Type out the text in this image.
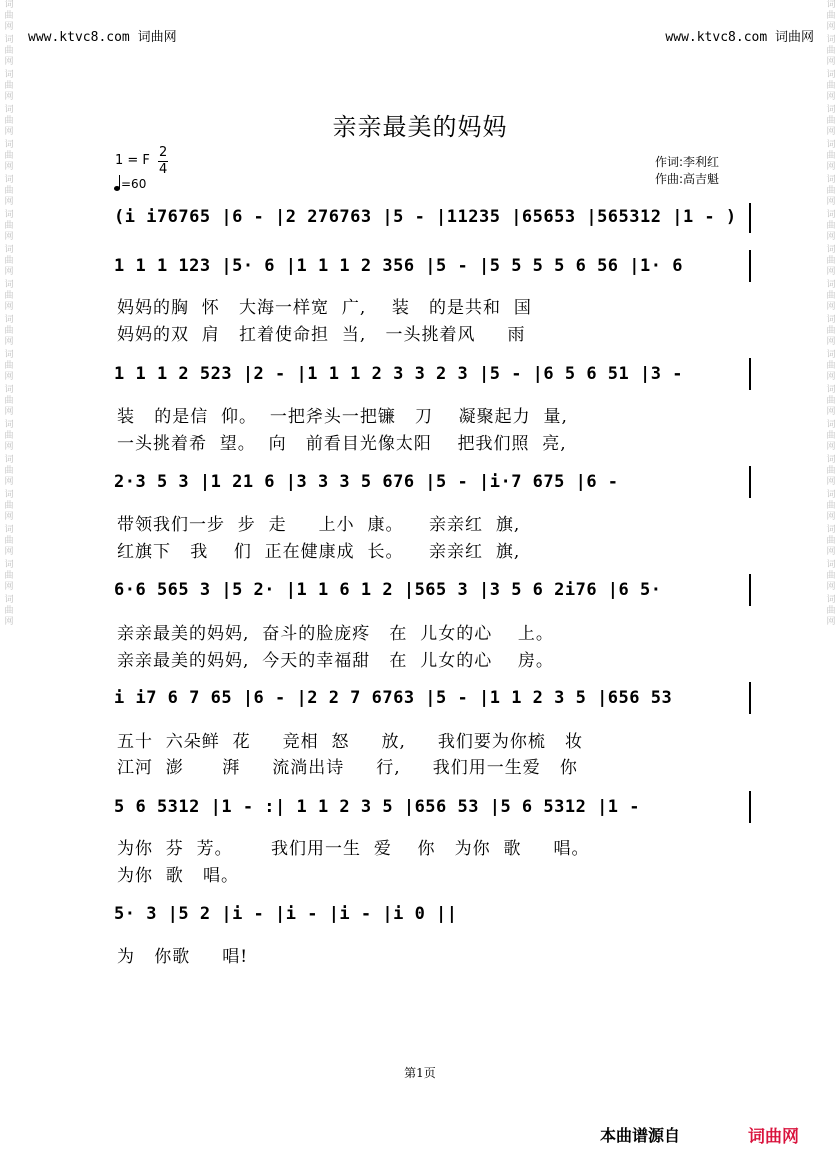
词
曲
网
词
曲
网
词
曲
网
词
曲
网
词
曲
网
词
曲
网
词
曲
网
词
曲
网
词
曲
网
词
曲
网
词
曲
网
词
曲
网
词
曲
网
词
曲
网
词
曲
网
词
曲
网
词
曲
网
词
曲
网
词
曲
网
词
曲
网
词
曲
网
词
曲
网
词
曲
网
词
曲
网
词
曲
网
词
曲
网
词
曲
网
词
曲
网
词
曲
网
词
曲
网
词
曲
网
词
曲
网
词
曲
网
词
曲
网
词
曲
网
词
曲
网
www.ktvc8.com 词曲网	www.ktvc8.com 词曲网
亲亲最美的妈妈
1 = F
2
4
=60
作词:李利红
作曲:高吉魁
(i i76765 |6 - |2 276763 |5 - |11235 |65653 |565312 |1 - )
1 1 1 123 |5· 6 |1 1 1 2 356 |5 - |5 5 5 5 6 56 |1· 6
妈妈的胸  怀   大海一样宽  广,    装   的是共和  国
妈妈的双  肩   扛着使命担  当,   一头挑着风     雨
1 1 1 2 523 |2 - |1 1 1 2 3 3 2 3 |5 - |6 5 6 51 |3 -
装   的是信  仰。  一把斧头一把镰   刀    凝聚起力  量,
一头挑着希  望。  向   前看目光像太阳    把我们照  亮,
2·3 5 3 |1 21 6 |3 3 3 5 676 |5 - |i·7 675 |6 -
带领我们一步  步  走     上小  康。    亲亲红  旗,
红旗下   我    们  正在健康成  长。    亲亲红  旗,
6·6 565 3 |5 2· |1 1 6 1 2 |565 3 |3 5 6 2i76 |6 5·
亲亲最美的妈妈,  奋斗的脸庞疼   在  儿女的心    上。
亲亲最美的妈妈,  今天的幸福甜   在  儿女的心    房。
i i7 6 7 65 |6 - |2 2 7 6763 |5 - |1 1 2 3 5 |656 53
五十  六朵鲜  花     竞相  怒     放,     我们要为你梳   妆
江河  澎      湃     流淌出诗     行,     我们用一生爱   你
5 6 5312 |1 - :| 1 1 2 3 5 |656 53 |5 6 5312 |1 -
为你  芬  芳。      我们用一生  爱    你   为你  歌     唱。
为你  歌   唱。
5· 3 |5 2 |i - |i - |i - |i 0 ||
为   你歌     唱!
第1页
本曲谱源自	词曲网
